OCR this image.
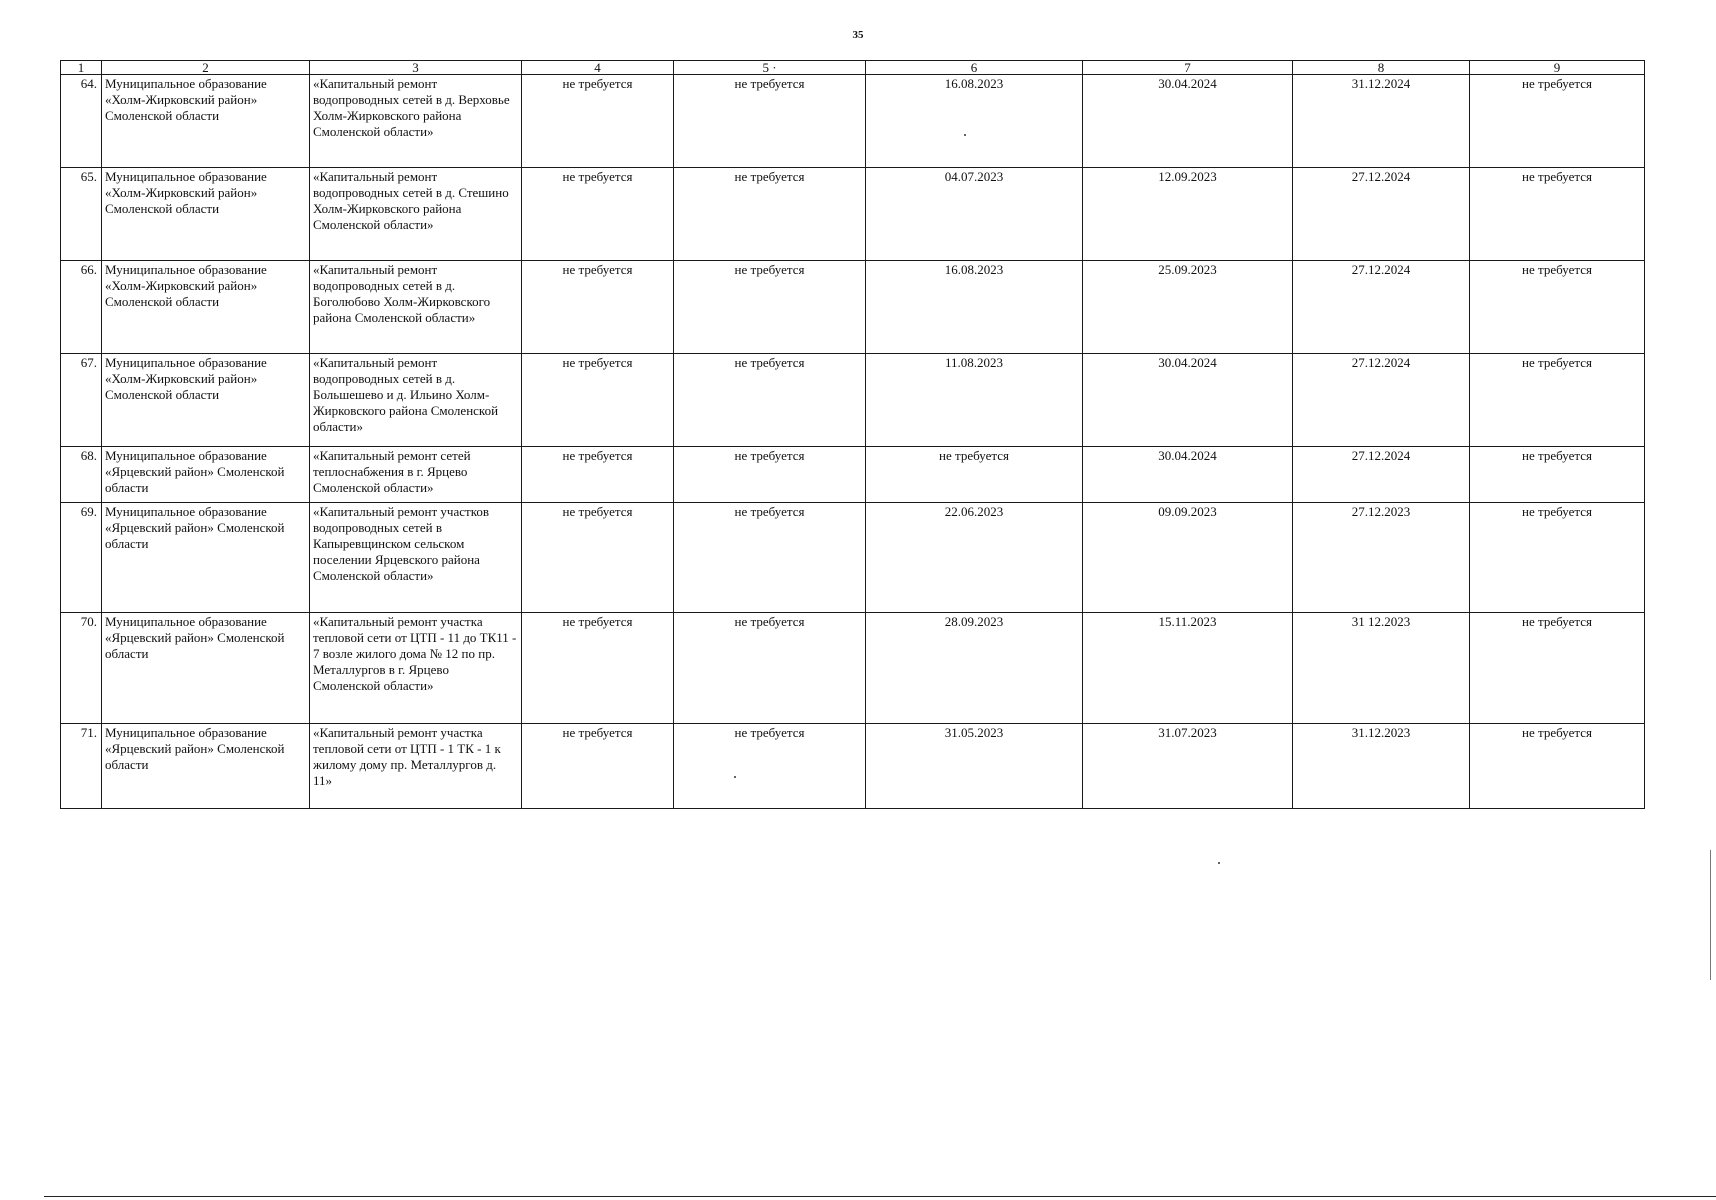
35
1	2	3	4	5 ·	6	7	8	9
64.	Муниципальное образование «Холм-Жирковский район» Смоленской области	«Капитальный ремонт водопроводных сетей в д. Верховье Холм-Жирковского района Смоленской области»	не требуется	не требуется	16.08.2023	30.04.2024	31.12.2024	не требуется
65.	Муниципальное образование «Холм-Жирковский район» Смоленской области	«Капитальный ремонт водопроводных сетей в д. Стешино Холм-Жирковского района Смоленской области»	не требуется	не требуется	04.07.2023	12.09.2023	27.12.2024	не требуется
66.	Муниципальное образование «Холм-Жирковский район» Смоленской области	«Капитальный ремонт водопроводных сетей в д. Боголюбово Холм-Жирковского района Смоленской области»	не требуется	не требуется	16.08.2023	25.09.2023	27.12.2024	не требуется
67.	Муниципальное образование «Холм-Жирковский район» Смоленской области	«Капитальный ремонт водопроводных сетей в д. Большешево и д. Ильино Холм-Жирковского района Смоленской области»	не требуется	не требуется	11.08.2023	30.04.2024	27.12.2024	не требуется
68.	Муниципальное образование «Ярцевский район» Смоленской области	«Капитальный ремонт сетей теплоснабжения в г. Ярцево Смоленской области»	не требуется	не требуется	не требуется	30.04.2024	27.12.2024	не требуется
69.	Муниципальное образование «Ярцевский район» Смоленской области	«Капитальный ремонт участков водопроводных сетей в Капыревщинском сельском поселении Ярцевского района Смоленской области»	не требуется	не требуется	22.06.2023	09.09.2023	27.12.2023	не требуется
70.	Муниципальное образование «Ярцевский район» Смоленской области	«Капитальный ремонт участка тепловой сети от ЦТП - 11 до ТК11 - 7 возле жилого дома № 12 по пр. Металлургов в г. Ярцево Смоленской области»	не требуется	не требуется	28.09.2023	15.11.2023	31 12.2023	не требуется
71.	Муниципальное образование «Ярцевский район» Смоленской области	«Капитальный ремонт участка тепловой сети от ЦТП - 1 ТК - 1 к жилому дому пр. Металлургов д. 11»	не требуется	не требуется	31.05.2023	31.07.2023	31.12.2023	не требуется
